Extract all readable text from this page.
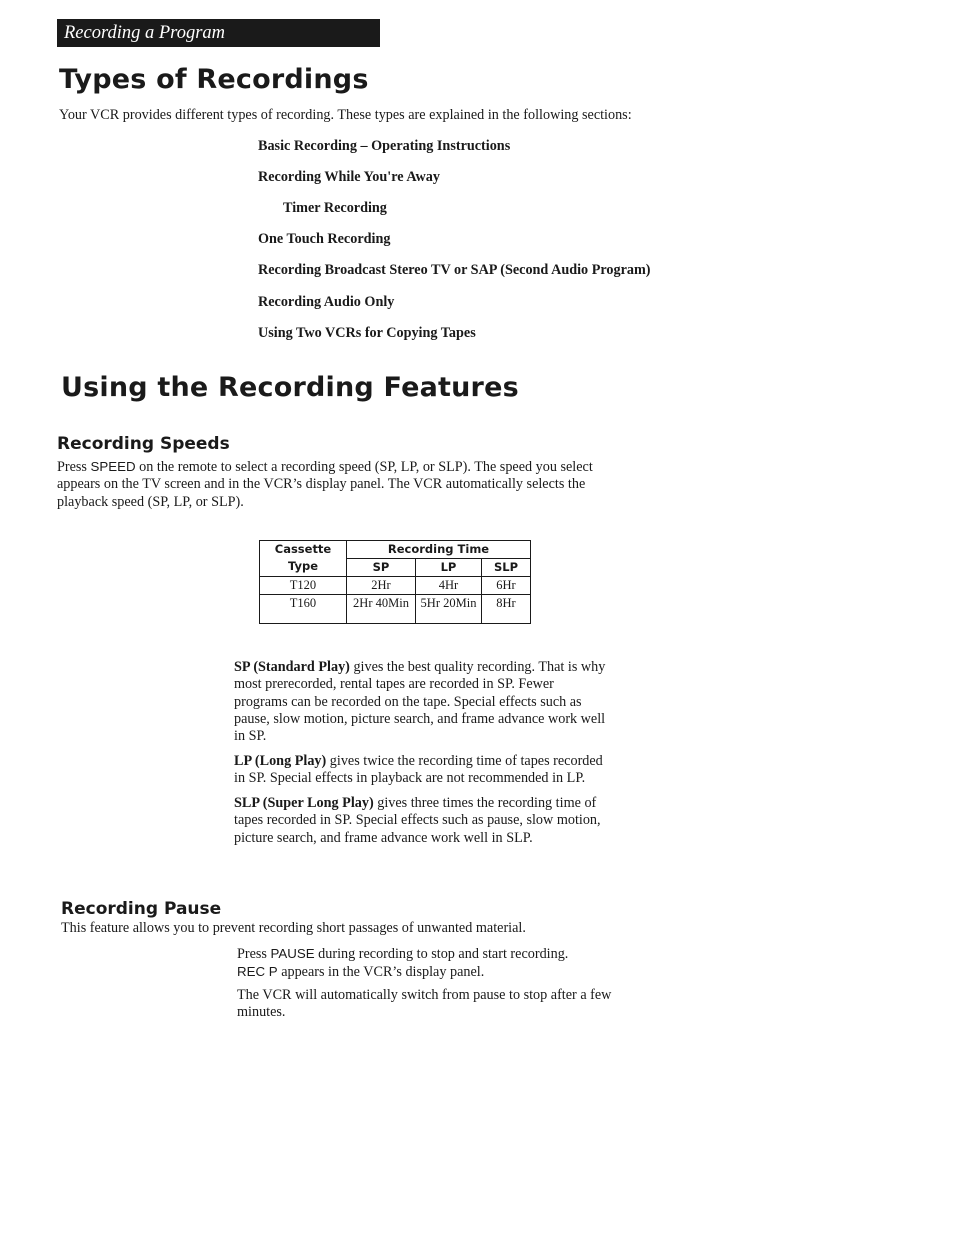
Recording a Program
Types of Recordings
Your VCR provides different types of recording. These types are explained in the following sections:
Basic Recording – Operating Instructions
Recording While You're Away
Timer Recording
One Touch Recording
Recording Broadcast Stereo TV or SAP (Second Audio Program)
Recording Audio Only
Using Two VCRs for Copying Tapes
Using the Recording Features
Recording Speeds
Press SPEED on the remote to select a recording speed (SP, LP, or SLP). The speed you select
appears on the TV screen and in the VCR’s display panel. The VCR automatically selects the
playback speed (SP, LP, or SLP).
Cassette
Type	Recording Time		

	SP	LP	SLP

T120	2Hr	4Hr	6Hr

T160	2Hr 40Min	5Hr 20Min	8Hr
SP (Standard Play) gives the best quality recording. That is why
most prerecorded, rental tapes are recorded in SP. Fewer
programs can be recorded on the tape. Special effects such as
pause, slow motion, picture search, and frame advance work well
in SP.
LP (Long Play) gives twice the recording time of tapes recorded
in SP. Special effects in playback are not recommended in LP.
SLP (Super Long Play) gives three times the recording time of
tapes recorded in SP. Special effects such as pause, slow motion,
picture search, and frame advance work well in SLP.
Recording Pause
This feature allows you to prevent recording short passages of unwanted material.
Press PAUSE during recording to stop and start recording.
REC P appears in the VCR’s display panel.
The VCR will automatically switch from pause to stop after a few
minutes.
